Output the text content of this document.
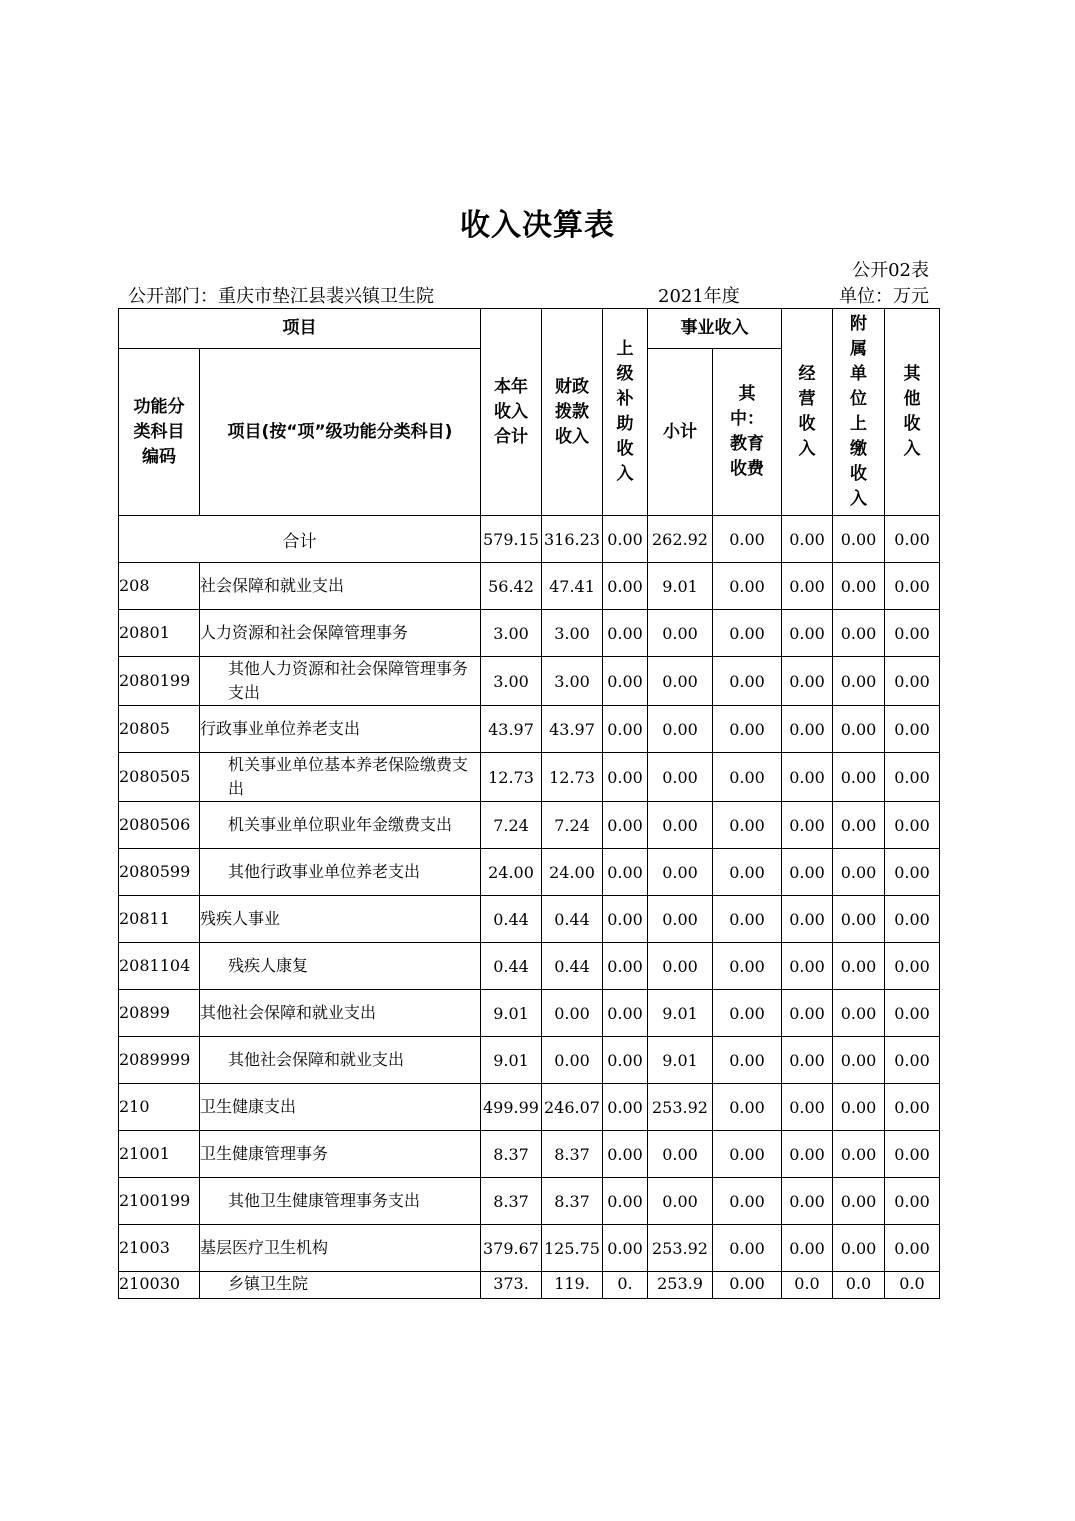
收入决算表
公开02表
公开部门：重庆市垫江县裴兴镇卫生院	2021年度	单位：万元
项目		本年收入合计	财政拨款收入	上级补助收入	事业收入		经营收入	附属单位上缴收入	其他收入
功能分类科目编码	项目(按“项”级功能分类科目)				小计	其中：教育收费			
合计		579.15	316.23	0.00	262.92	0.00	0.00	0.00	0.00
208	社会保障和就业支出	56.42	47.41	0.00	9.01	0.00	0.00	0.00	0.00
20801	人力资源和社会保障管理事务	3.00	3.00	0.00	0.00	0.00	0.00	0.00	0.00
2080199	其他人力资源和社会保障管理事务支出	3.00	3.00	0.00	0.00	0.00	0.00	0.00	0.00
20805	行政事业单位养老支出	43.97	43.97	0.00	0.00	0.00	0.00	0.00	0.00
2080505	机关事业单位基本养老保险缴费支出	12.73	12.73	0.00	0.00	0.00	0.00	0.00	0.00
2080506	机关事业单位职业年金缴费支出	7.24	7.24	0.00	0.00	0.00	0.00	0.00	0.00
2080599	其他行政事业单位养老支出	24.00	24.00	0.00	0.00	0.00	0.00	0.00	0.00
20811	残疾人事业	0.44	0.44	0.00	0.00	0.00	0.00	0.00	0.00
2081104	残疾人康复	0.44	0.44	0.00	0.00	0.00	0.00	0.00	0.00
20899	其他社会保障和就业支出	9.01	0.00	0.00	9.01	0.00	0.00	0.00	0.00
2089999	其他社会保障和就业支出	9.01	0.00	0.00	9.01	0.00	0.00	0.00	0.00
210	卫生健康支出	499.99	246.07	0.00	253.92	0.00	0.00	0.00	0.00
21001	卫生健康管理事务	8.37	8.37	0.00	0.00	0.00	0.00	0.00	0.00
2100199	其他卫生健康管理事务支出	8.37	8.37	0.00	0.00	0.00	0.00	0.00	0.00
21003	基层医疗卫生机构	379.67	125.75	0.00	253.92	0.00	0.00	0.00	0.00
210030	乡镇卫生院	373.	119.	0.	253.9	0.00	0.0	0.0	0.0
